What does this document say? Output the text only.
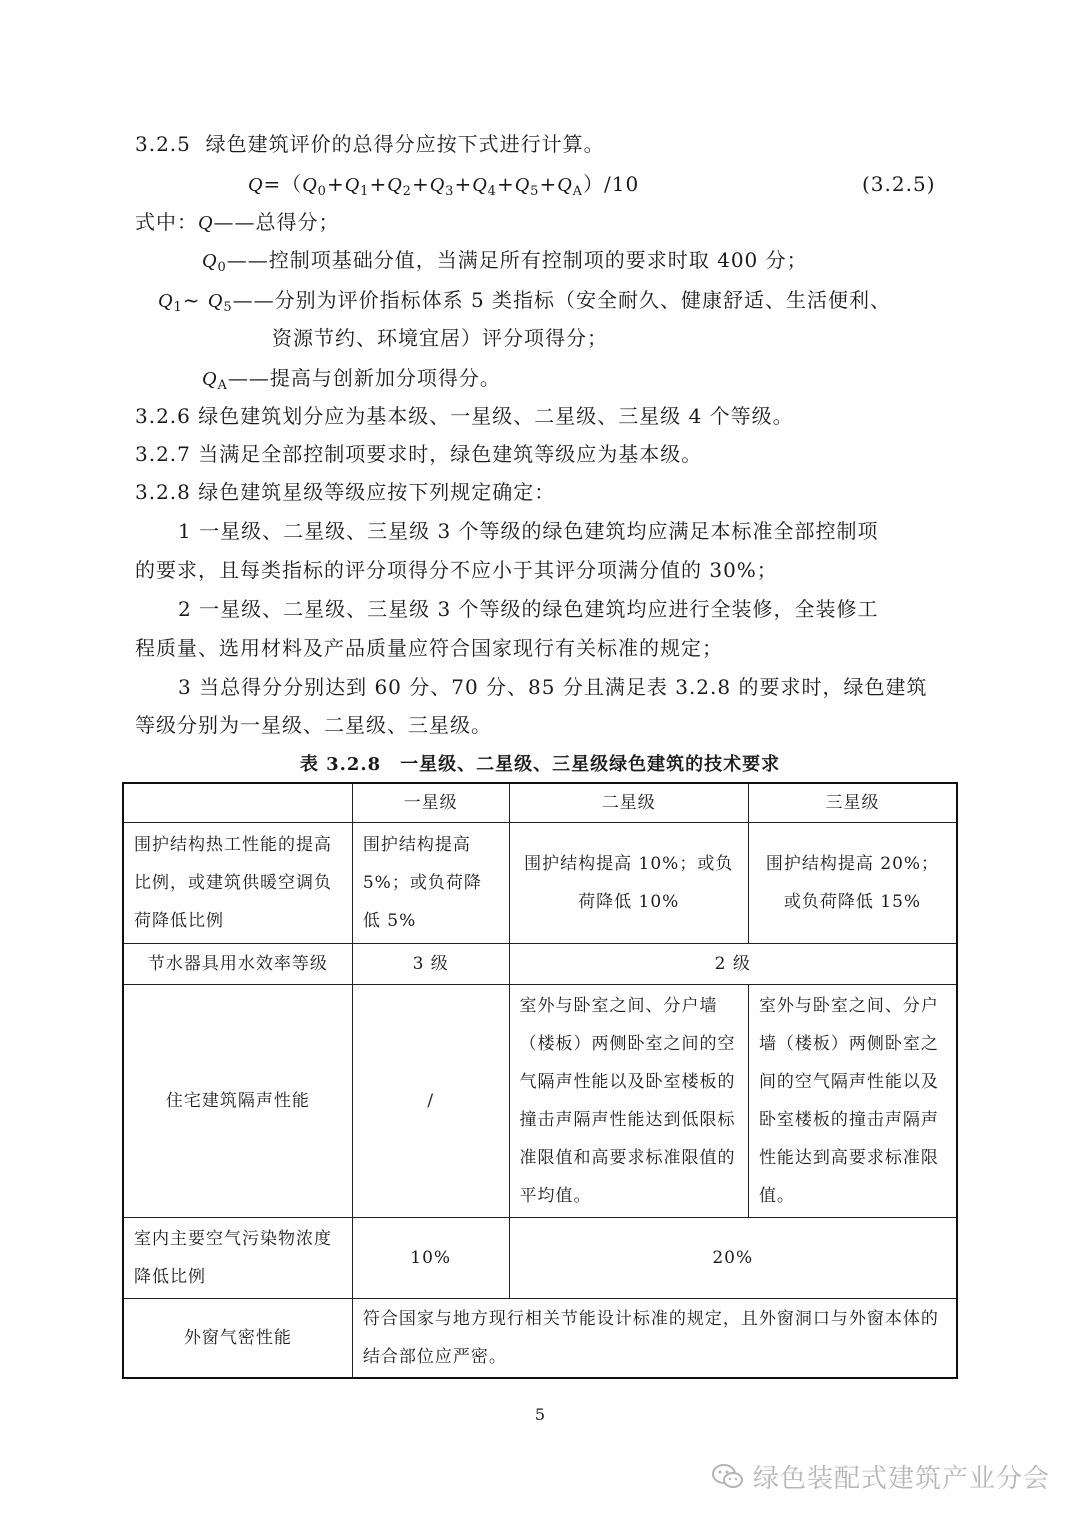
3.2.5 绿色建筑评价的总得分应按下式进行计算。
$Q=(Q_0+Q_1+Q_2+Q_3+Q_4+Q_5+Q_A)/10$	(3.2.5)
式中：Q——总得分；
$Q_0——$控制项基础分值，当满足所有控制项的要求时取 400 分；
$Q_1\sim$ $Q_5——$分别为评价指标体系 5 类指标（安全耐久、健康舒适、生活便利、
资源节约、环境宜居）评分项得分；
$Q_A——$提高与创新加分项得分。
3.2.6 绿色建筑划分应为基本级、一星级、二星级、三星级 4 个等级。
3.2.7 当满足全部控制项要求时，绿色建筑等级应为基本级。
3.2.8 绿色建筑星级等级应按下列规定确定：
1 一星级、二星级、三星级 3 个等级的绿色建筑均应满足本标准全部控制项
的要求，且每类指标的评分项得分不应小于其评分项满分值的 30%；
2 一星级、二星级、三星级 3 个等级的绿色建筑均应进行全装修，全装修工
程质量、选用材料及产品质量应符合国家现行有关标准的规定；
3 当总得分分别达到 60 分、70 分、85 分且满足表 3.2.8 的要求时，绿色建筑
等级分别为一星级、二星级、三星级。
表 3.2.8　一星级、二星级、三星级绿色建筑的技术要求
	一星级	二星级	三星级
围护结构热工性能的提高比例，或建筑供暖空调负荷降低比例	围护结构提高 5%；或负荷降低 5%	围护结构提高 10%；或负荷降低 10%	围护结构提高 20%；或负荷降低 15%
节水器具用水效率等级	3 级	2 级	
住宅建筑隔声性能	/	室外与卧室之间、分户墙（楼板）两侧卧室之间的空气隔声性能以及卧室楼板的撞击声隔声性能达到低限标准限值和高要求标准限值的平均值。	室外与卧室之间、分户墙（楼板）两侧卧室之间的空气隔声性能以及卧室楼板的撞击声隔声性能达到高要求标准限值。
室内主要空气污染物浓度降低比例	10%	20%	
外窗气密性能	符合国家与地方现行相关节能设计标准的规定，且外窗洞口与外窗本体的结合部位应严密。		
5
绿色装配式建筑产业分会
